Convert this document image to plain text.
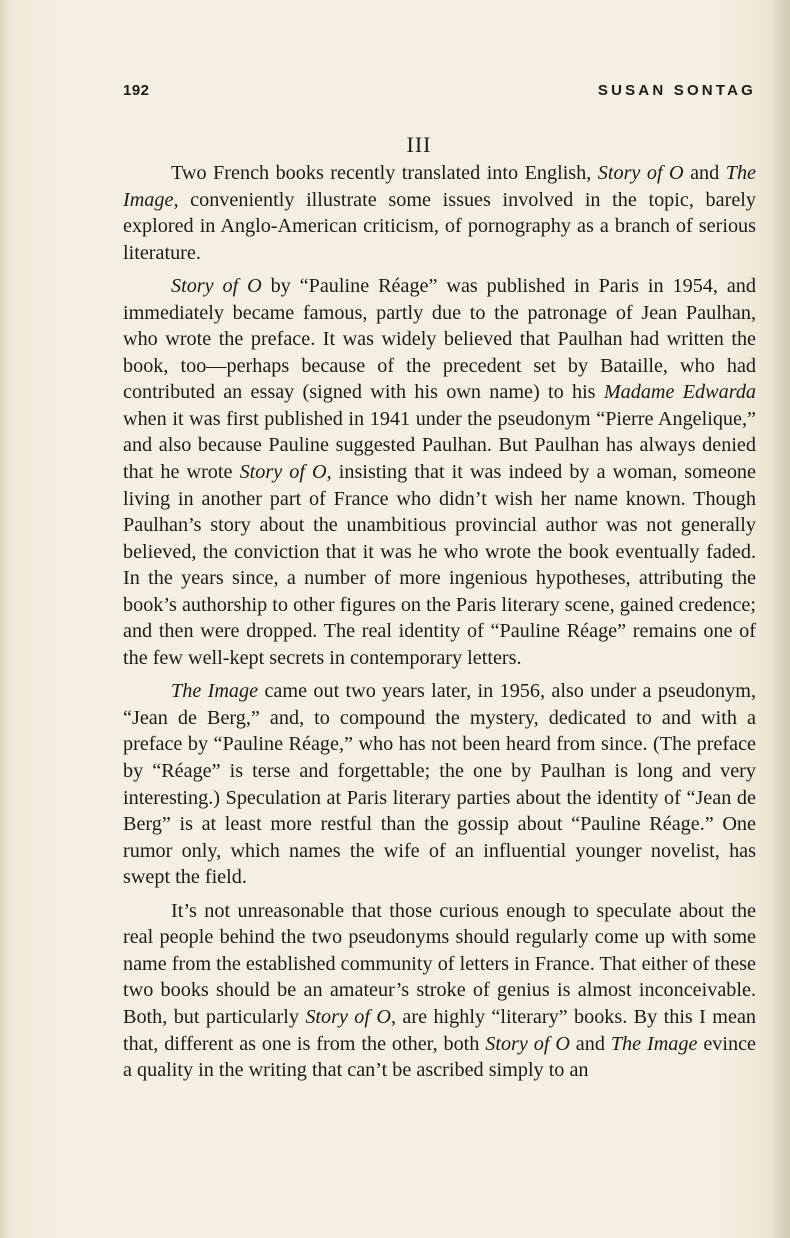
192	SUSAN SONTAG
III

Two French books recently translated into English, Story of O and The Image, conveniently illustrate some issues involved in the topic, barely explored in Anglo-American criticism, of pornography as a branch of serious literature.

Story of O by “Pauline Réage” was published in Paris in 1954, and immediately became famous, partly due to the patronage of Jean Paulhan, who wrote the preface. It was widely believed that Paulhan had written the book, too—perhaps because of the precedent set by Bataille, who had contributed an essay (signed with his own name) to his Madame Edwarda when it was first published in 1941 under the pseudonym “Pierre Angelique,” and also because Pauline suggested Paulhan. But Paulhan has always denied that he wrote Story of O, insisting that it was indeed by a woman, someone living in another part of France who didn’t wish her name known. Though Paulhan’s story about the unambitious provincial author was not generally believed, the conviction that it was he who wrote the book eventually faded. In the years since, a number of more ingenious hypotheses, attributing the book’s authorship to other figures on the Paris literary scene, gained credence; and then were dropped. The real identity of “Pauline Réage” remains one of the few well-kept secrets in contemporary letters.

The Image came out two years later, in 1956, also under a pseudonym, “Jean de Berg,” and, to compound the mystery, dedicated to and with a preface by “Pauline Réage,” who has not been heard from since. (The preface by “Réage” is terse and forgettable; the one by Paulhan is long and very interesting.) Speculation at Paris literary parties about the identity of “Jean de Berg” is at least more restful than the gossip about “Pauline Réage.” One rumor only, which names the wife of an influential younger novelist, has swept the field.

It’s not unreasonable that those curious enough to speculate about the real people behind the two pseudonyms should regularly come up with some name from the established community of letters in France. That either of these two books should be an amateur’s stroke of genius is almost inconceivable. Both, but particularly Story of O, are highly “literary” books. By this I mean that, different as one is from the other, both Story of O and The Image evince a quality in the writing that can’t be ascribed simply to an
